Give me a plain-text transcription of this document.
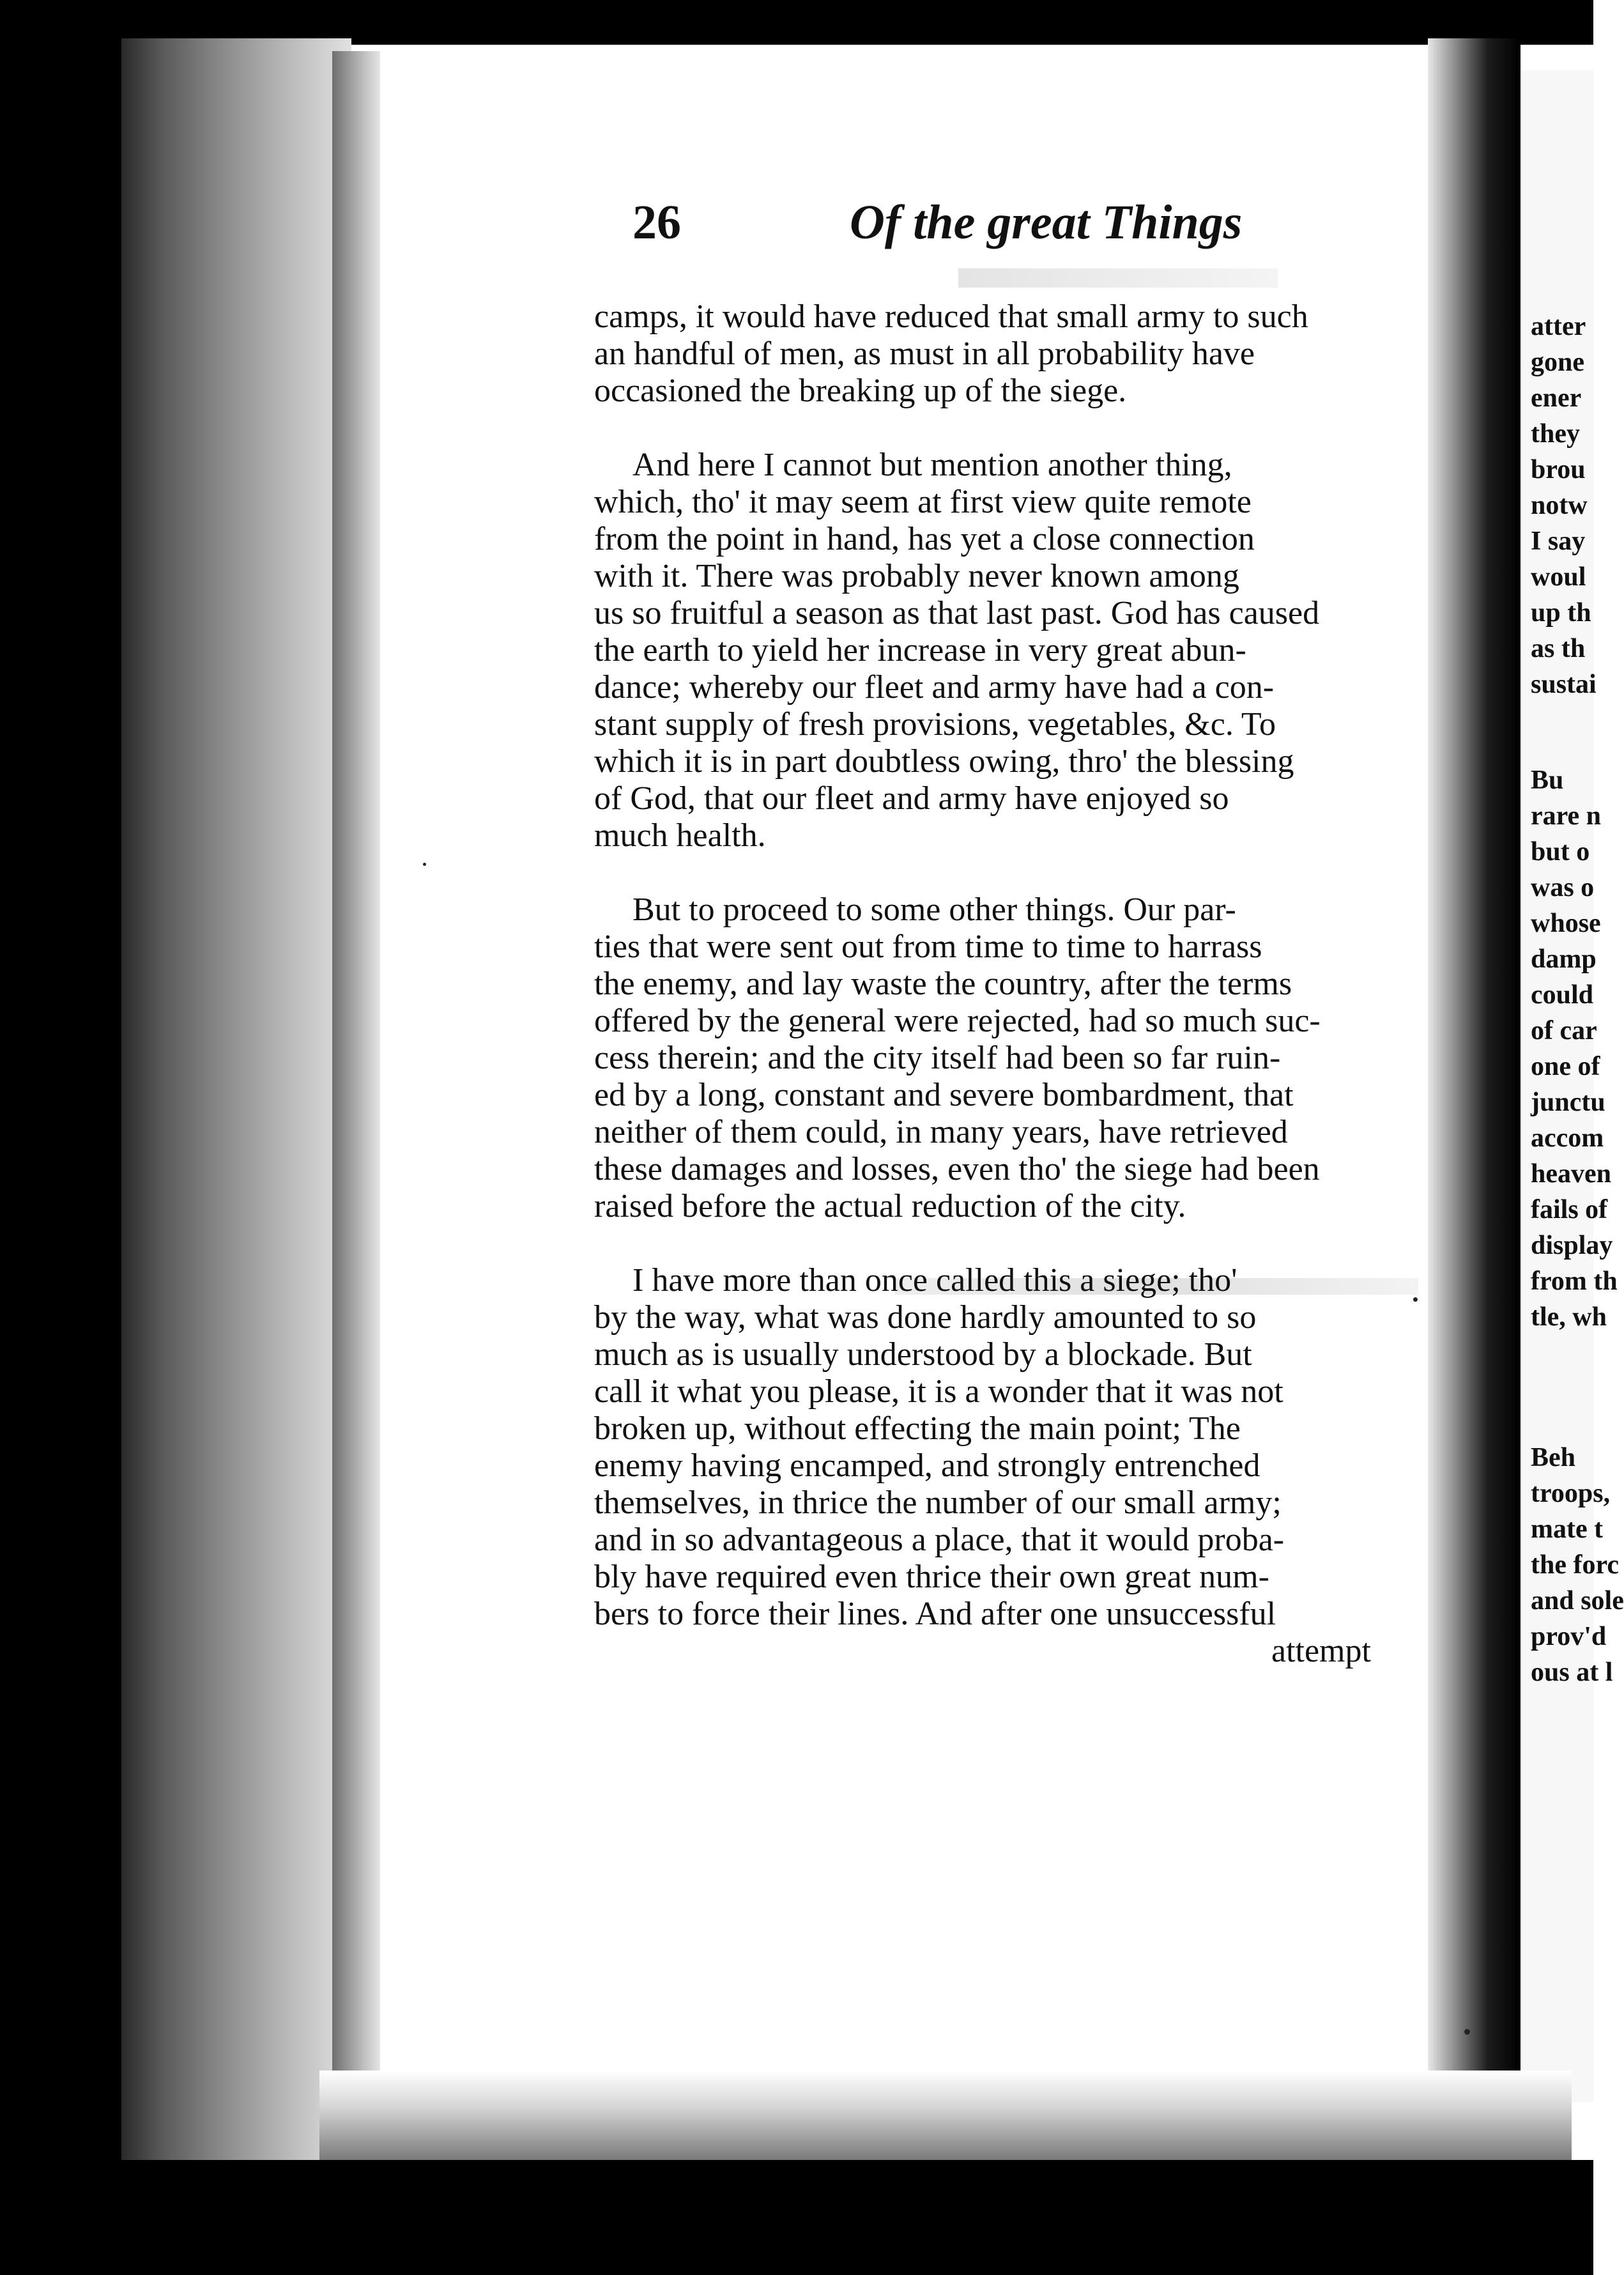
atter

gone

ener

they

brou

notw

I say

woul

up th

as th

sustai

Bu

rare n

but o

was o

whose

damp

could

of car

one of

junctu

accom

heaven

fails of

display

from th

tle, wh

Beh

troops,

mate t

the forc

and sole

prov'd

ous at l

26	Of the great Things

camps, it would have reduced that small army to such

an handful of men, as must in all probability have

occasioned the breaking up of the siege.

And here I cannot but mention another thing,

which, tho' it may seem at first view quite remote

from the point in hand, has yet a close connection

with it. There was probably never known among

us so fruitful a season as that last past. God has caused

the earth to yield her increase in very great abun-

dance; whereby our fleet and army have had a con-

stant supply of fresh provisions, vegetables, &c. To

which it is in part doubtless owing, thro' the blessing

of God, that our fleet and army have enjoyed so

much health.

But to proceed to some other things. Our par-

ties that were sent out from time to time to harrass

the enemy, and lay waste the country, after the terms

offered by the general were rejected, had so much suc-

cess therein; and the city itself had been so far ruin-

ed by a long, constant and severe bombardment, that

neither of them could, in many years, have retrieved

these damages and losses, even tho' the siege had been

raised before the actual reduction of the city.

I have more than once called this a siege; tho'

by the way, what was done hardly amounted to so

much as is usually understood by a blockade. But

call it what you please, it is a wonder that it was not

broken up, without effecting the main point; The

enemy having encamped, and strongly entrenched

themselves, in thrice the number of our small army;

and in so advantageous a place, that it would proba-

bly have required even thrice their own great num-

bers to force their lines. And after one unsuccessful

attempt
